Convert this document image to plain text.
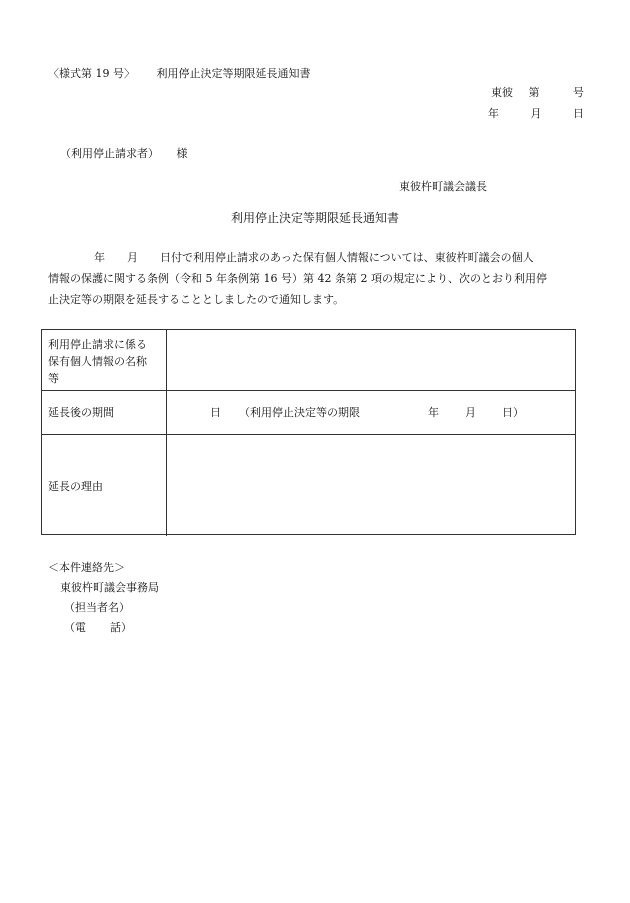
〈様式第 19 号〉 利用停止決定等期限延長通知書
東彼 第	号
年	月	日
（利用停止請求者） 様
東彼杵町議会議長
利用停止決定等期限延長通知書
年 月 日付で利用停止請求のあった保有個人情報については、東彼杵町議会の個人
情報の保護に関する条例（令和 5 年条例第 16 号）第 42 条第 2 項の規定により、次のとおり利用停
止決定等の期限を延長することとしましたので通知します。
利用停止請求に係る
保有個人情報の名称
等
延長後の期間	日 （利用停止決定等の期限	年 月 日）
延長の理由
＜本件連絡先＞
東彼杵町議会事務局
（担当者名）
（電 話）
